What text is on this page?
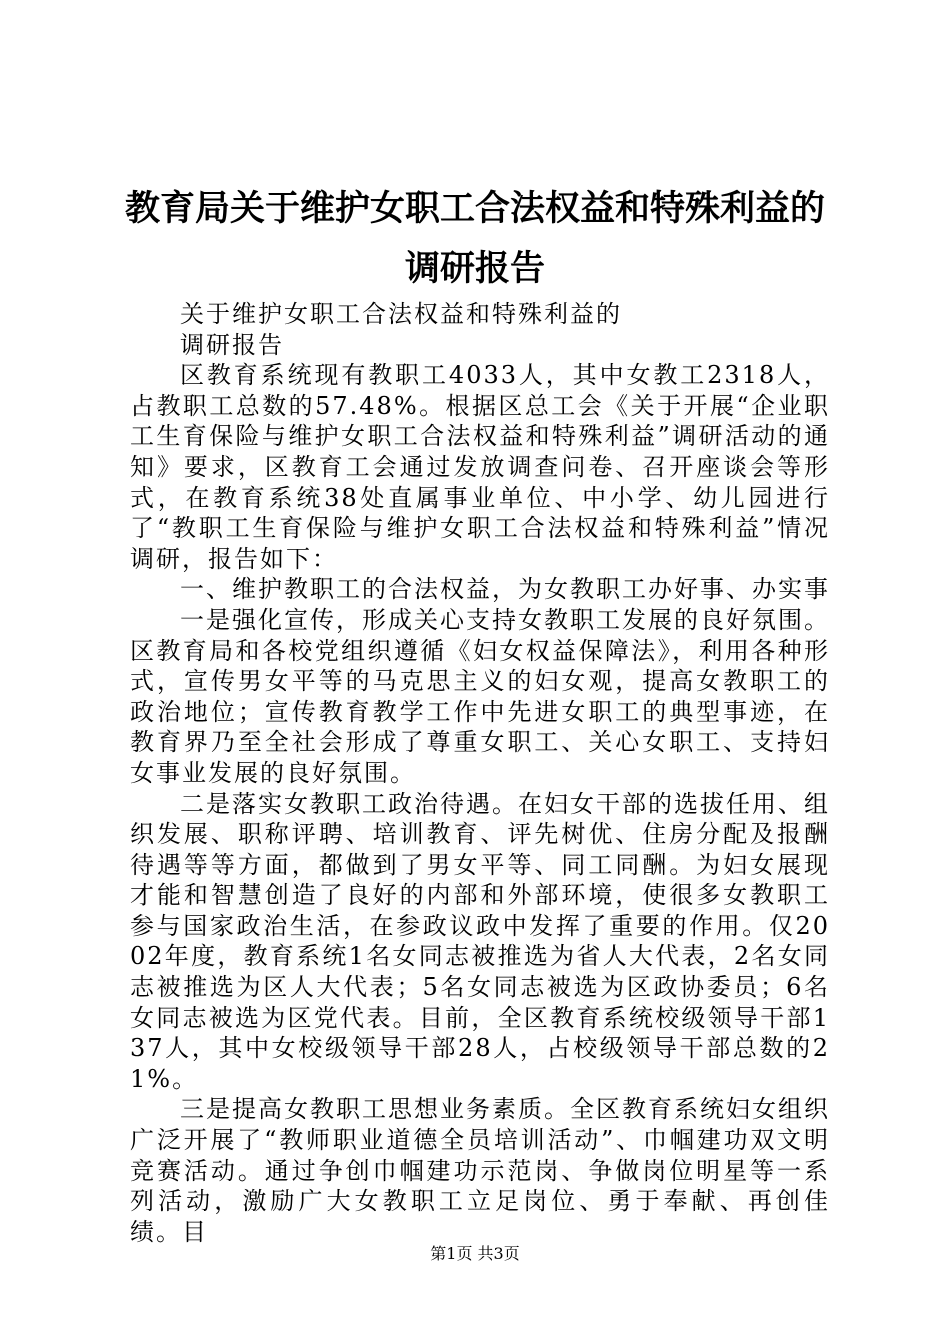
教育局关于维护女职工合法权益和特殊利益的
调研报告

关于维护女职工合法权益和特殊利益的

调研报告

区教育系统现有教职工4033人，其中女教工2318人，占教职工总数的57.48%。根据区总工会《关于开展“企业职工生育保险与维护女职工合法权益和特殊利益”调研活动的通知》要求，区教育工会通过发放调查问卷、召开座谈会等形式，在教育系统38处直属事业单位、中小学、幼儿园进行了“教职工生育保险与维护女职工合法权益和特殊利益”情况调研，报告如下：

一、维护教职工的合法权益，为女教职工办好事、办实事

一是强化宣传，形成关心支持女教职工发展的良好氛围。区教育局和各校党组织遵循《妇女权益保障法》，利用各种形式，宣传男女平等的马克思主义的妇女观，提高女教职工的政治地位；宣传教育教学工作中先进女职工的典型事迹，在教育界乃至全社会形成了尊重女职工、关心女职工、支持妇女事业发展的良好氛围。

二是落实女教职工政治待遇。在妇女干部的选拔任用、组织发展、职称评聘、培训教育、评先树优、住房分配及报酬待遇等等方面，都做到了男女平等、同工同酬。为妇女展现才能和智慧创造了良好的内部和外部环境，使很多女教职工参与国家政治生活，在参政议政中发挥了重要的作用。仅2002年度，教育系统1名女同志被推选为省人大代表，2名女同志被推选为区人大代表；5名女同志被选为区政协委员；6名女同志被选为区党代表。目前，全区教育系统校级领导干部137人，其中女校级领导干部28人，占校级领导干部总数的21%。

三是提高女教职工思想业务素质。全区教育系统妇女组织广泛开展了“教师职业道德全员培训活动”、巾帼建功双文明竞赛活动。通过争创巾帼建功示范岗、争做岗位明星等一系列活动，激励广大女教职工立足岗位、勇于奉献、再创佳绩。目

第1页 共3页
